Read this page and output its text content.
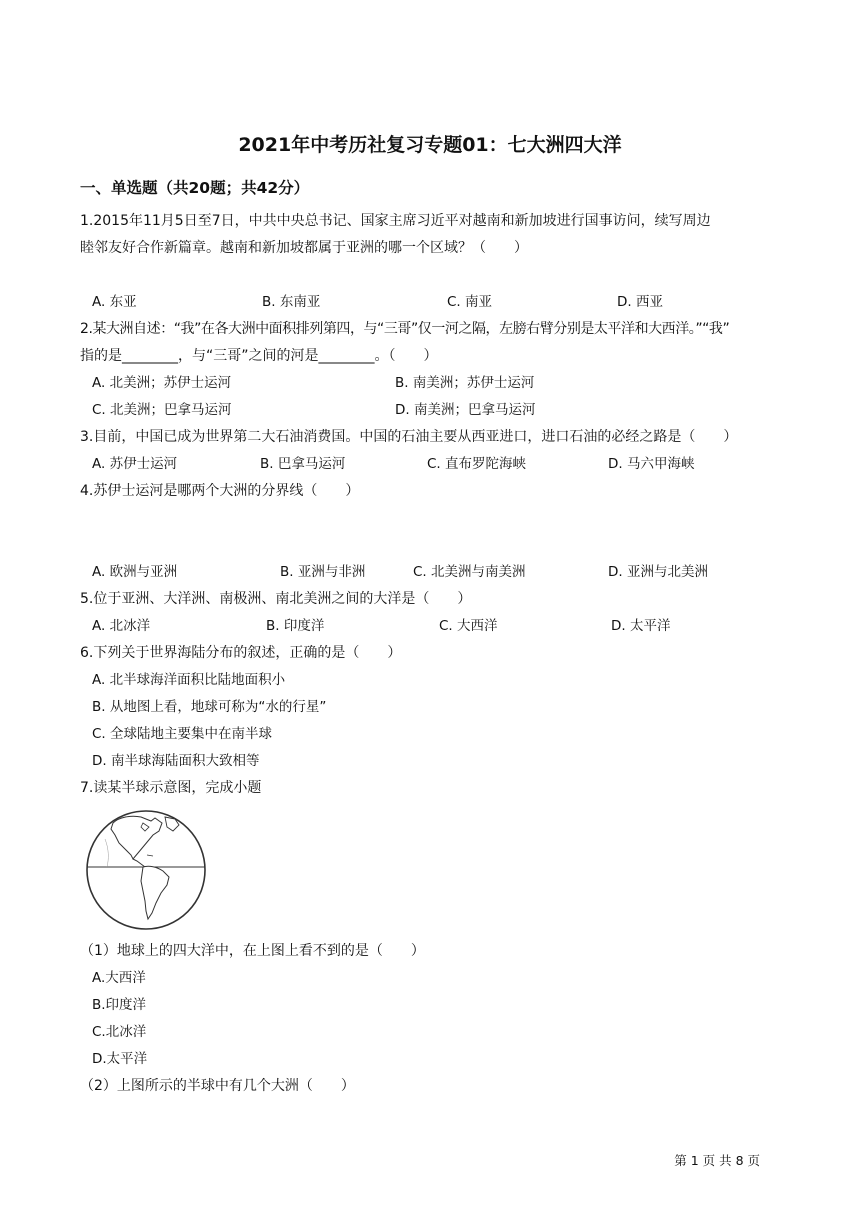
2021年中考历社复习专题01：七大洲四大洋
一、单选题（共20题；共42分）
1.2015年11月5日至7日，中共中央总书记、国家主席习近平对越南和新加坡进行国事访问，续写周边
睦邻友好合作新篇章。越南和新加坡都属于亚洲的哪一个区域？（　　）
A. 东亚	B. 东南亚	C. 南亚	D. 西亚
2.某大洲自述：“我”在各大洲中面积排列第四，与“三哥”仅一河之隔，左膀右臂分别是太平洋和大西洋。”“我”
指的是________，与“三哥”之间的河是________。（　　）
A. 北美洲；苏伊士运河	B. 南美洲；苏伊士运河
C. 北美洲；巴拿马运河	D. 南美洲；巴拿马运河
3.目前，中国已成为世界第二大石油消费国。中国的石油主要从西亚进口，进口石油的必经之路是（　　）
A. 苏伊士运河	B. 巴拿马运河	C. 直布罗陀海峡	D. 马六甲海峡
4.苏伊士运河是哪两个大洲的分界线（　　）
A. 欧洲与亚洲	B. 亚洲与非洲	C. 北美洲与南美洲	D. 亚洲与北美洲
5.位于亚洲、大洋洲、南极洲、南北美洲之间的大洋是（　　）
A. 北冰洋	B. 印度洋	C. 大西洋	D. 太平洋
6.下列关于世界海陆分布的叙述，正确的是（　　）
A. 北半球海洋面积比陆地面积小
B. 从地图上看，地球可称为“水的行星”
C. 全球陆地主要集中在南半球
D. 南半球海陆面积大致相等
7.读某半球示意图，完成小题
（1）地球上的四大洋中，在上图上看不到的是（　　）
A.大西洋
B.印度洋
C.北冰洋
D.太平洋
（2）上图所示的半球中有几个大洲（　　）
第 1 页 共 8 页
